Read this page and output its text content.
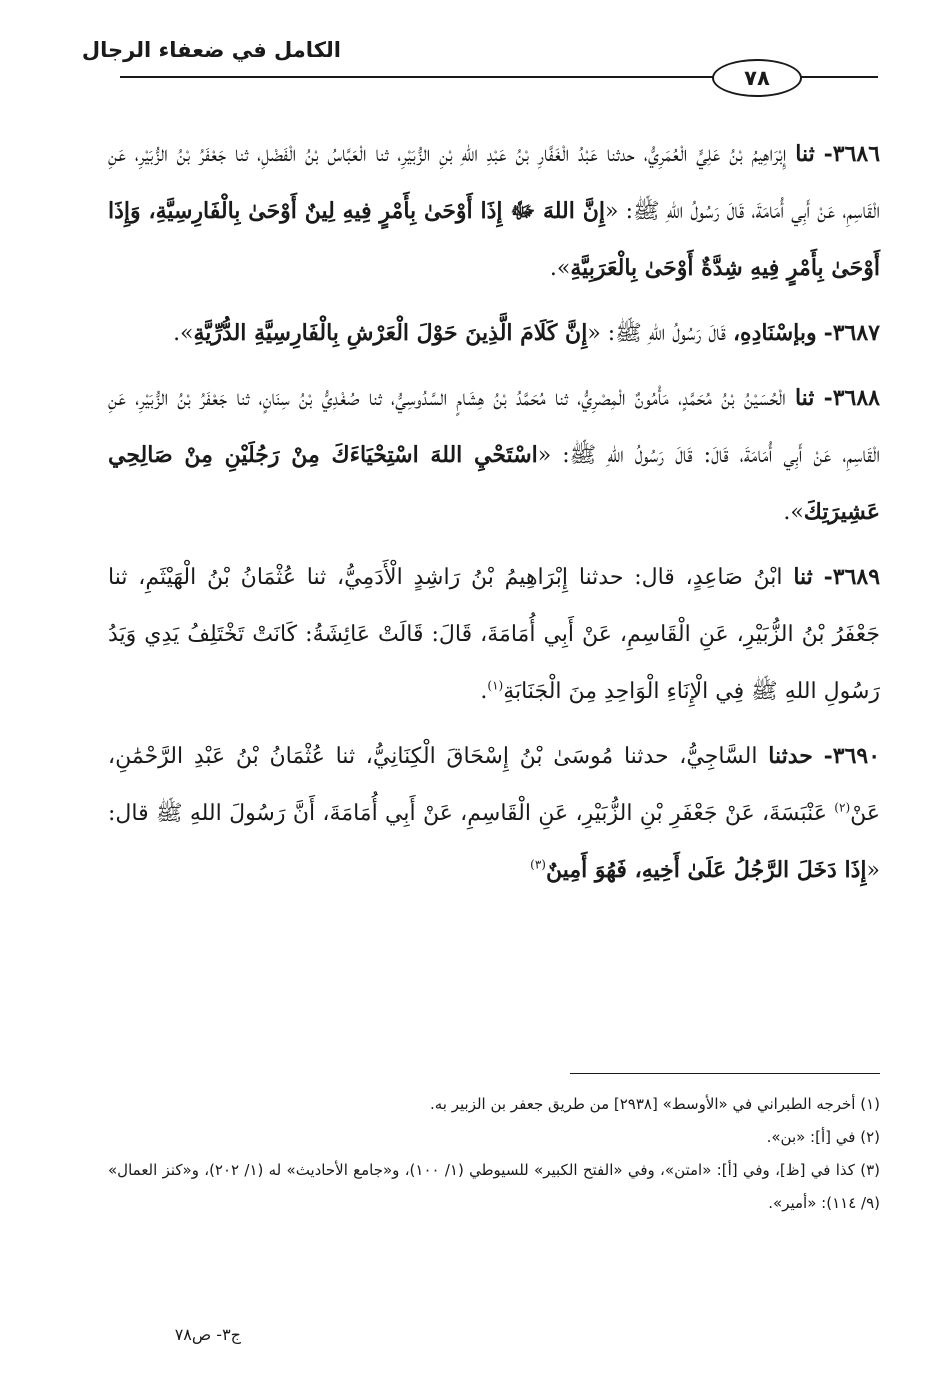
الكامل في ضعفاء الرجال
٧٨

٣٦٨٦- ثنا إِبْرَاهِيمُ بْنُ عَلِيٍّ الْعُمَرِيُّ، حدثنا عَبْدُ الْغَفَّارِ بْنُ عَبْدِ اللهِ بْنِ الزُّبَيْرِ، ثنا الْعَبَّاسُ بْنُ الْفَضْلِ، ثنا جَعْفَرُ بْنُ الزُّبَيْرِ، عَنِ الْقَاسِمِ، عَنْ أَبِي أُمَامَةَ، قَالَ رَسُولُ اللهِ ﷺ: «إِنَّ اللهَ ﷻ إِذَا أَوْحَىٰ بِأَمْرٍ فِيهِ لِينٌ أَوْحَىٰ بِالْفَارِسِيَّةِ، وَإِذَا أَوْحَىٰ بِأَمْرٍ فِيهِ شِدَّةٌ أَوْحَىٰ بِالْعَرَبِيَّةِ».

٣٦٨٧- وبإسْنَادِهِ، قَالَ رَسُولُ اللهِ ﷺ: «إِنَّ كَلَامَ الَّذِينَ حَوْلَ الْعَرْشِ بِالْفَارِسِيَّةِ الدُّرِّيَّةِ».

٣٦٨٨- ثنا الْحُسَيْنُ بْنُ مُحَمَّدٍ، مَأْمُونٌ الْمِصْرِيُّ، ثنا مُحَمَّدُ بْنُ هِشَامٍ السَّدُوسِيُّ، ثنا صُغْدِيُّ بْنُ سِنَانٍ، ثنا جَعْفَرُ بْنُ الزُّبَيْرِ، عَنِ الْقَاسِمِ، عَنْ أَبِي أُمَامَةَ، قَالَ: قَالَ رَسُولُ اللهِ ﷺ: «اسْتَحْيِ اللهَ اسْتِحْيَاءَكَ مِنْ رَجُلَيْنِ مِنْ صَالِحِي عَشِيرَتِكَ».

٣٦٨٩- ثنا ابْنُ صَاعِدٍ، قال: حدثنا إِبْرَاهِيمُ بْنُ رَاشِدٍ الْأَدَمِيُّ، ثنا عُثْمَانُ بْنُ الْهَيْثَمِ، ثنا جَعْفَرُ بْنُ الزُّبَيْرِ، عَنِ الْقَاسِمِ، عَنْ أَبِي أُمَامَةَ، قَالَ: قَالَتْ عَائِشَةُ: كَانَتْ تَخْتَلِفُ يَدِي وَيَدُ رَسُولِ اللهِ ﷺ فِي الْإِنَاءِ الْوَاحِدِ مِنَ الْجَنَابَةِ$^{(١)}$.

٣٦٩٠- حدثنا السَّاجِيُّ، حدثنا مُوسَىٰ بْنُ إِسْحَاقَ الْكِنَانِيُّ، ثنا عُثْمَانُ بْنُ عَبْدِ الرَّحْمَٰنِ، عَنْ$^{(٢)}$ عَنْبَسَةَ، عَنْ جَعْفَرِ بْنِ الزُّبَيْرِ، عَنِ الْقَاسِمِ، عَنْ أَبِي أُمَامَةَ، أَنَّ رَسُولَ اللهِ ﷺ قال: «إِذَا دَخَلَ الرَّجُلُ عَلَىٰ أَخِيهِ، فَهُوَ أَمِينٌ$^{(٣)}$

(١) أخرجه الطبراني في «الأوسط» [٢٩٣٨] من طريق جعفر بن الزبير به.

(٢) في [أ]: «بن».

(٣) كذا في [ظ]، وفي [أ]: «امتن»، وفي «الفتح الكبير» للسيوطي (١/ ١٠٠)، و«جامع الأحاديث» له (١/ ٢٠٢)، و«كنز العمال» (٩/ ١١٤): «أمير».

ج٣- ص٧٨
